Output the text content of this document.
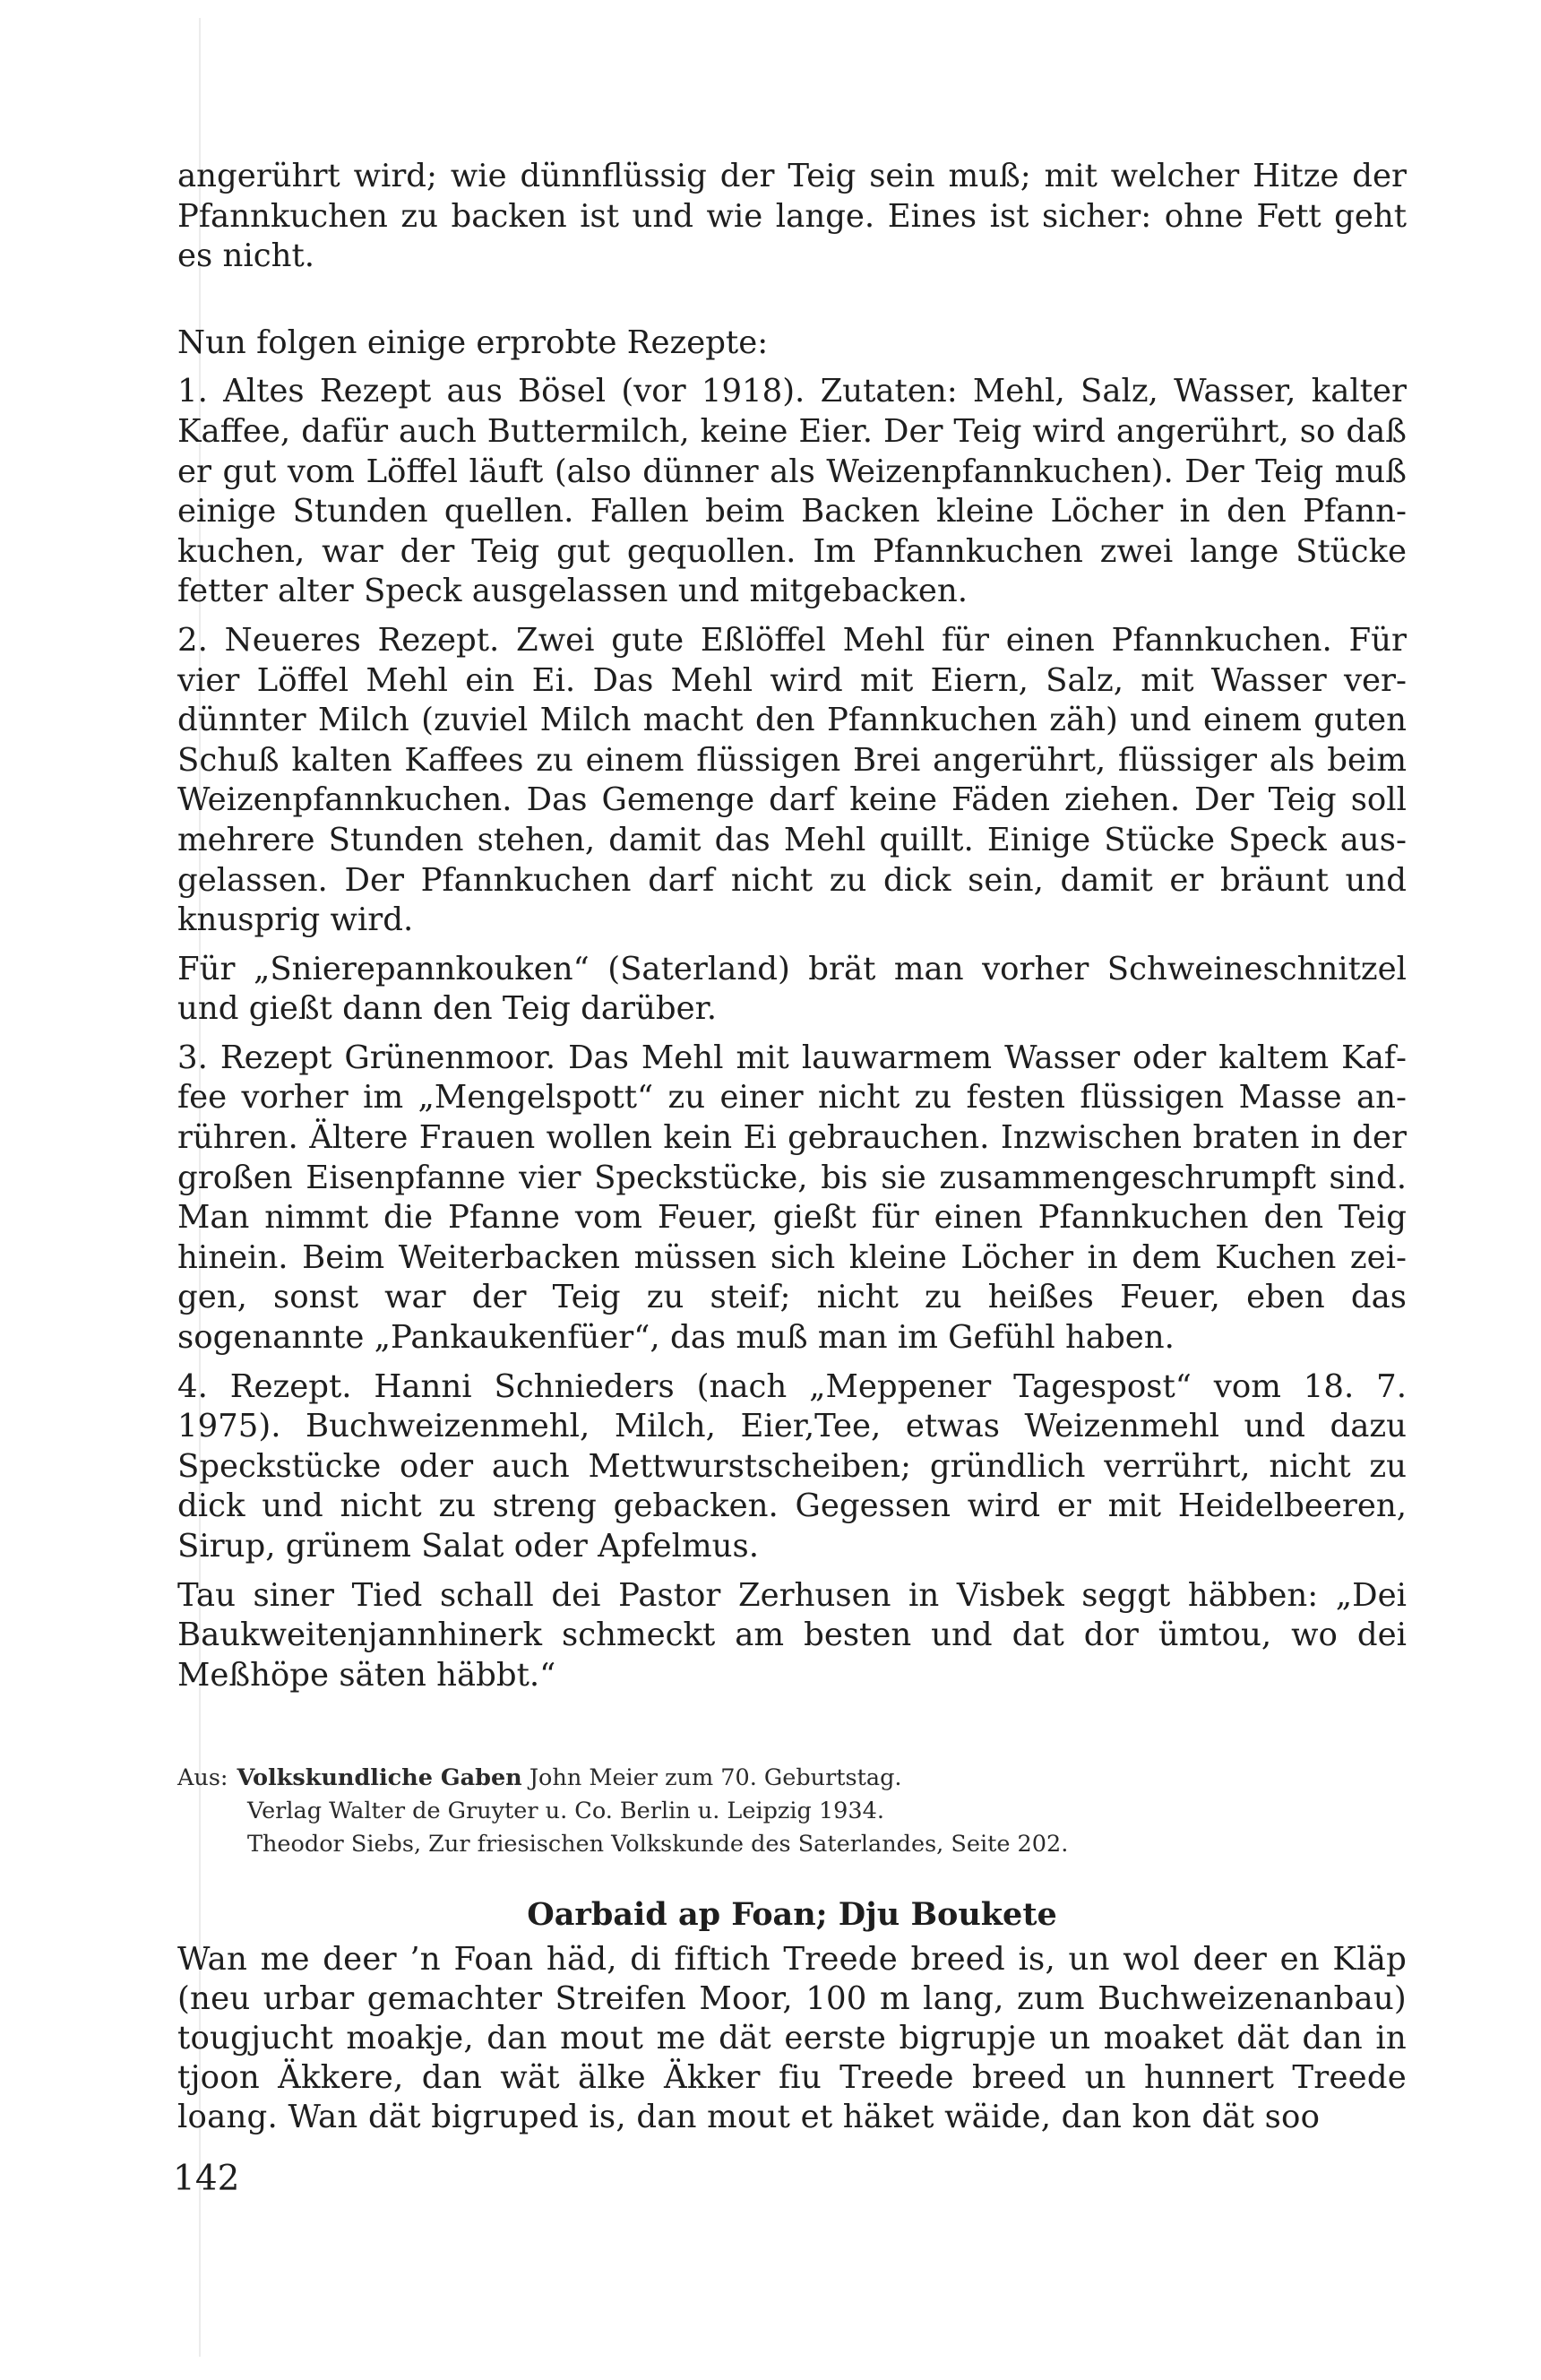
angerührt wird; wie dünnflüssig der Teig sein muß; mit welcher Hitze der Pfannkuchen zu backen ist und wie lange. Eines ist sicher: ohne Fett geht es nicht.

Nun folgen einige erprobte Rezepte:

1. Altes Rezept aus Bösel (vor 1918). Zutaten: Mehl, Salz, Wasser, kalter Kaffee, dafür auch Buttermilch, keine Eier. Der Teig wird angerührt, so daß er gut vom Löffel läuft (also dünner als Weizenpfannkuchen). Der Teig muß einige Stunden quellen. Fallen beim Backen kleine Löcher in den Pfannkuchen, war der Teig gut gequollen. Im Pfannkuchen zwei lange Stücke fetter alter Speck ausgelassen und mitgebacken.

2. Neueres Rezept. Zwei gute Eßlöffel Mehl für einen Pfannkuchen. Für vier Löffel Mehl ein Ei. Das Mehl wird mit Eiern, Salz, mit Wasser verdünnter Milch (zuviel Milch macht den Pfannkuchen zäh) und einem guten Schuß kalten Kaffees zu einem flüssigen Brei angerührt, flüssiger als beim Weizenpfannkuchen. Das Gemenge darf keine Fäden ziehen. Der Teig soll mehrere Stunden stehen, damit das Mehl quillt. Einige Stücke Speck ausgelassen. Der Pfannkuchen darf nicht zu dick sein, damit er bräunt und knusprig wird.

Für „Snierepannkouken“ (Saterland) brät man vorher Schweineschnitzel und gießt dann den Teig darüber.

3. Rezept Grünenmoor. Das Mehl mit lauwarmem Wasser oder kaltem Kaffee vorher im „Mengelspott“ zu einer nicht zu festen flüssigen Masse anrühren. Ältere Frauen wollen kein Ei gebrauchen. Inzwischen braten in der großen Eisenpfanne vier Speckstücke, bis sie zusammengeschrumpft sind. Man nimmt die Pfanne vom Feuer, gießt für einen Pfannkuchen den Teig hinein. Beim Weiterbacken müssen sich kleine Löcher in dem Kuchen zeigen, sonst war der Teig zu steif; nicht zu heißes Feuer, eben das sogenannte „Pankaukenfüer“, das muß man im Gefühl haben.

4. Rezept. Hanni Schnieders (nach „Meppener Tagespost“ vom 18. 7. 1975). Buchweizenmehl, Milch, Eier,Tee, etwas Weizenmehl und dazu Speckstücke oder auch Mettwurstscheiben; gründlich verrührt, nicht zu dick und nicht zu streng gebacken. Gegessen wird er mit Heidelbeeren, Sirup, grünem Salat oder Apfelmus.

Tau siner Tied schall dei Pastor Zerhusen in Visbek seggt häbben: „Dei Baukweitenjannhinerk schmeckt am besten und dat dor ümtou, wo dei Meßhöpe säten häbbt.“

Aus: Volkskundliche Gaben John Meier zum 70. Geburtstag.
Verlag Walter de Gruyter u. Co. Berlin u. Leipzig 1934.
Theodor Siebs, Zur friesischen Volkskunde des Saterlandes, Seite 202.
Oarbaid ap Foan; Dju Boukete

Wan me deer ’n Foan häd, di fiftich Treede breed is, un wol deer en Kläp (neu urbar gemachter Streifen Moor, 100 m lang, zum Buchweizenanbau) tougjucht moakje, dan mout me dät eerste bigrupje un moaket dät dan in tjoon Äkkere, dan wät älke Äkker fiu Treede breed un hunnert Treede loang. Wan dät bigruped is, dan mout et häket wäide, dan kon dät soo

142
